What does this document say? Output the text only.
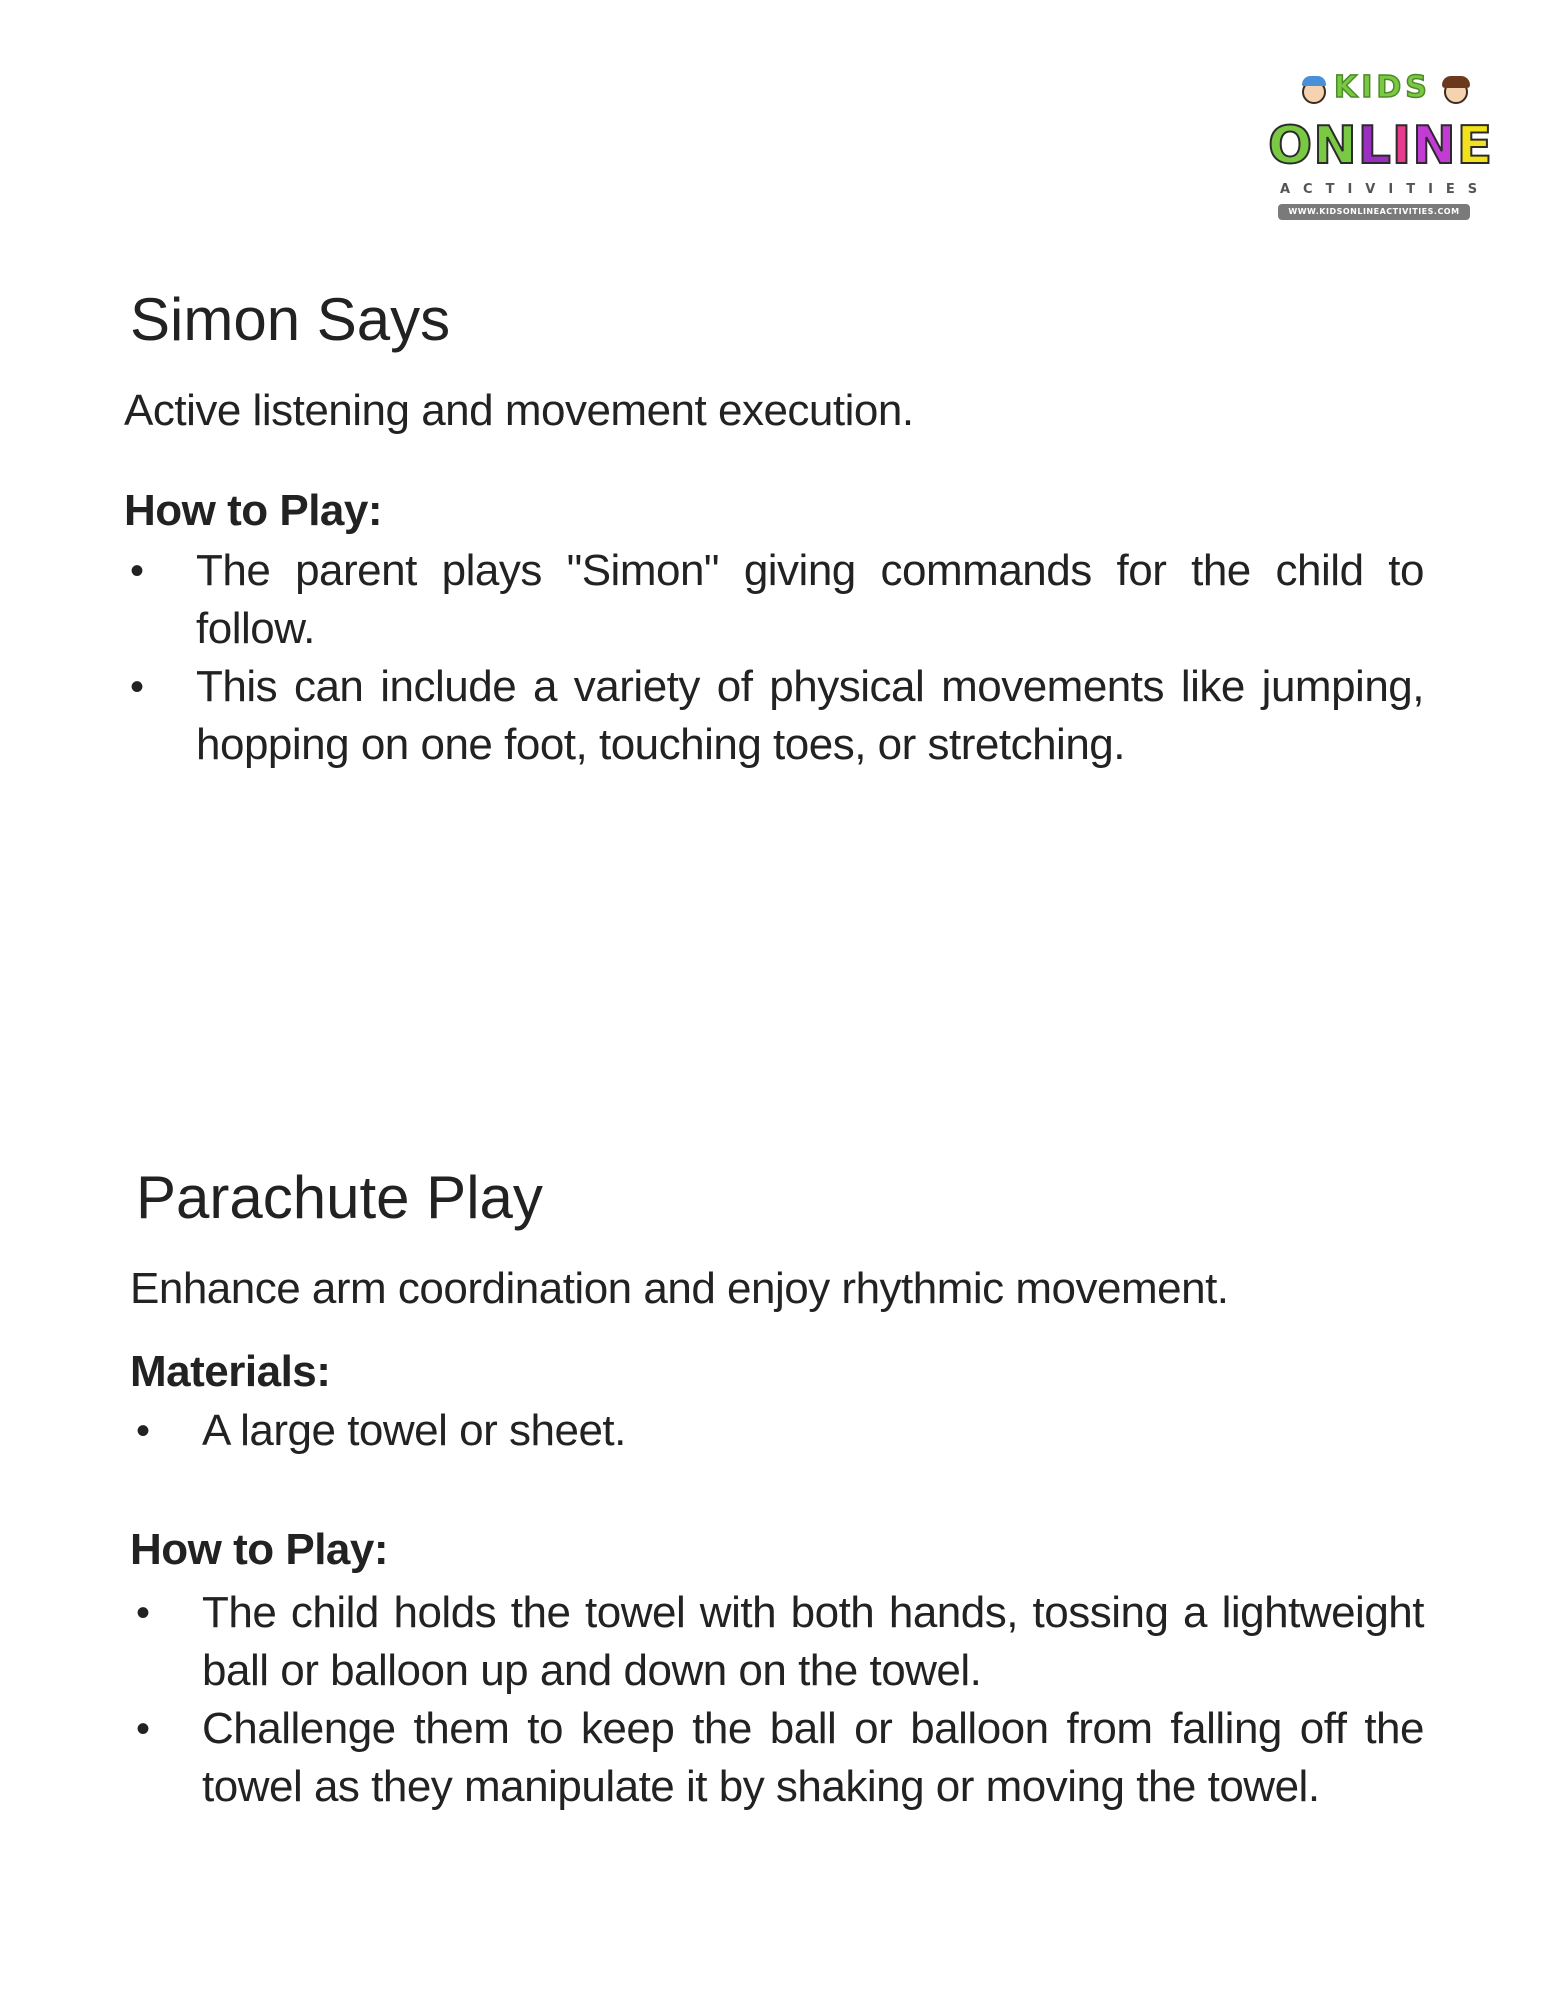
KIDS
ONLINE
ACTIVITIES
WWW.KIDSONLINEACTIVITIES.COM
Simon Says

Active listening and movement execution.

How to Play:

• The parent plays "Simon" giving commands for the child to follow.
• This can include a variety of physical movements like jumping, hopping on one foot, touching toes, or stretching.
Parachute Play

Enhance arm coordination and enjoy rhythmic movement.

Materials:

• A large towel or sheet.

How to Play:

• The child holds the towel with both hands, tossing a lightweight ball or balloon up and down on the towel.
• Challenge them to keep the ball or balloon from falling off the towel as they manipulate it by shaking or moving the towel.
